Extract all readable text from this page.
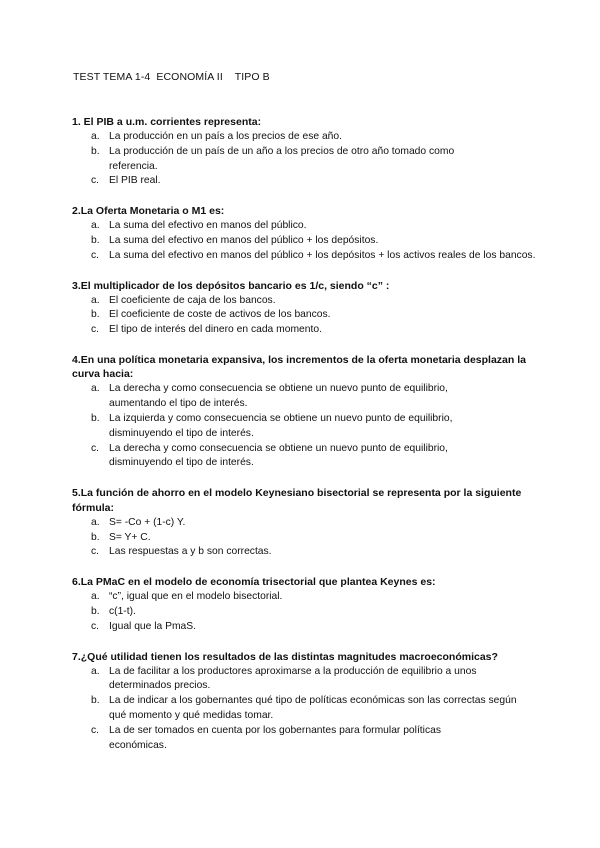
TEST TEMA 1-4  ECONOMÍA II    TIPO B
1. El PIB a u.m. corrientes representa:
a. La producción en un país a los precios de ese año.
b. La producción de un país de un año a los precios de otro año tomado como referencia.
c. El PIB real.
2.La Oferta Monetaria o M1 es:
a. La suma del efectivo en manos del público.
b. La suma del efectivo en manos del público + los depósitos.
c. La suma del efectivo en manos del público + los depósitos + los activos reales de los bancos.
3.El multiplicador de los depósitos bancario es 1/c, siendo “c” :
a. El coeficiente de caja de los bancos.
b. El coeficiente de coste de activos de los bancos.
c. El tipo de interés del dinero en cada momento.
4.En una política monetaria expansiva, los incrementos de la oferta monetaria desplazan la curva hacia:
a. La derecha y como consecuencia se obtiene un nuevo punto de equilibrio, aumentando el tipo de interés.
b. La izquierda y como consecuencia se obtiene un nuevo punto de equilibrio, disminuyendo el tipo de interés.
c. La derecha y como consecuencia se obtiene un nuevo punto de equilibrio, disminuyendo el tipo de interés.
5.La función de ahorro en el modelo Keynesiano bisectorial se representa por la siguiente fórmula:
a. S= -Co + (1-c) Y.
b. S= Y+ C.
c. Las respuestas a y b son correctas.
6.La PMaC en el modelo de economía trisectorial que plantea Keynes es:
a. “c”, igual que en el modelo bisectorial.
b. c(1-t).
c. Igual que la PmaS.
7.¿Qué utilidad tienen los resultados de las distintas magnitudes macroeconómicas?
a. La de facilitar a los productores aproximarse a la producción de equilibrio a unos determinados precios.
b. La de indicar a los gobernantes qué tipo de políticas económicas son las correctas según qué momento y qué medidas tomar.
c. La de ser tomados en cuenta por los gobernantes para formular políticas económicas.
